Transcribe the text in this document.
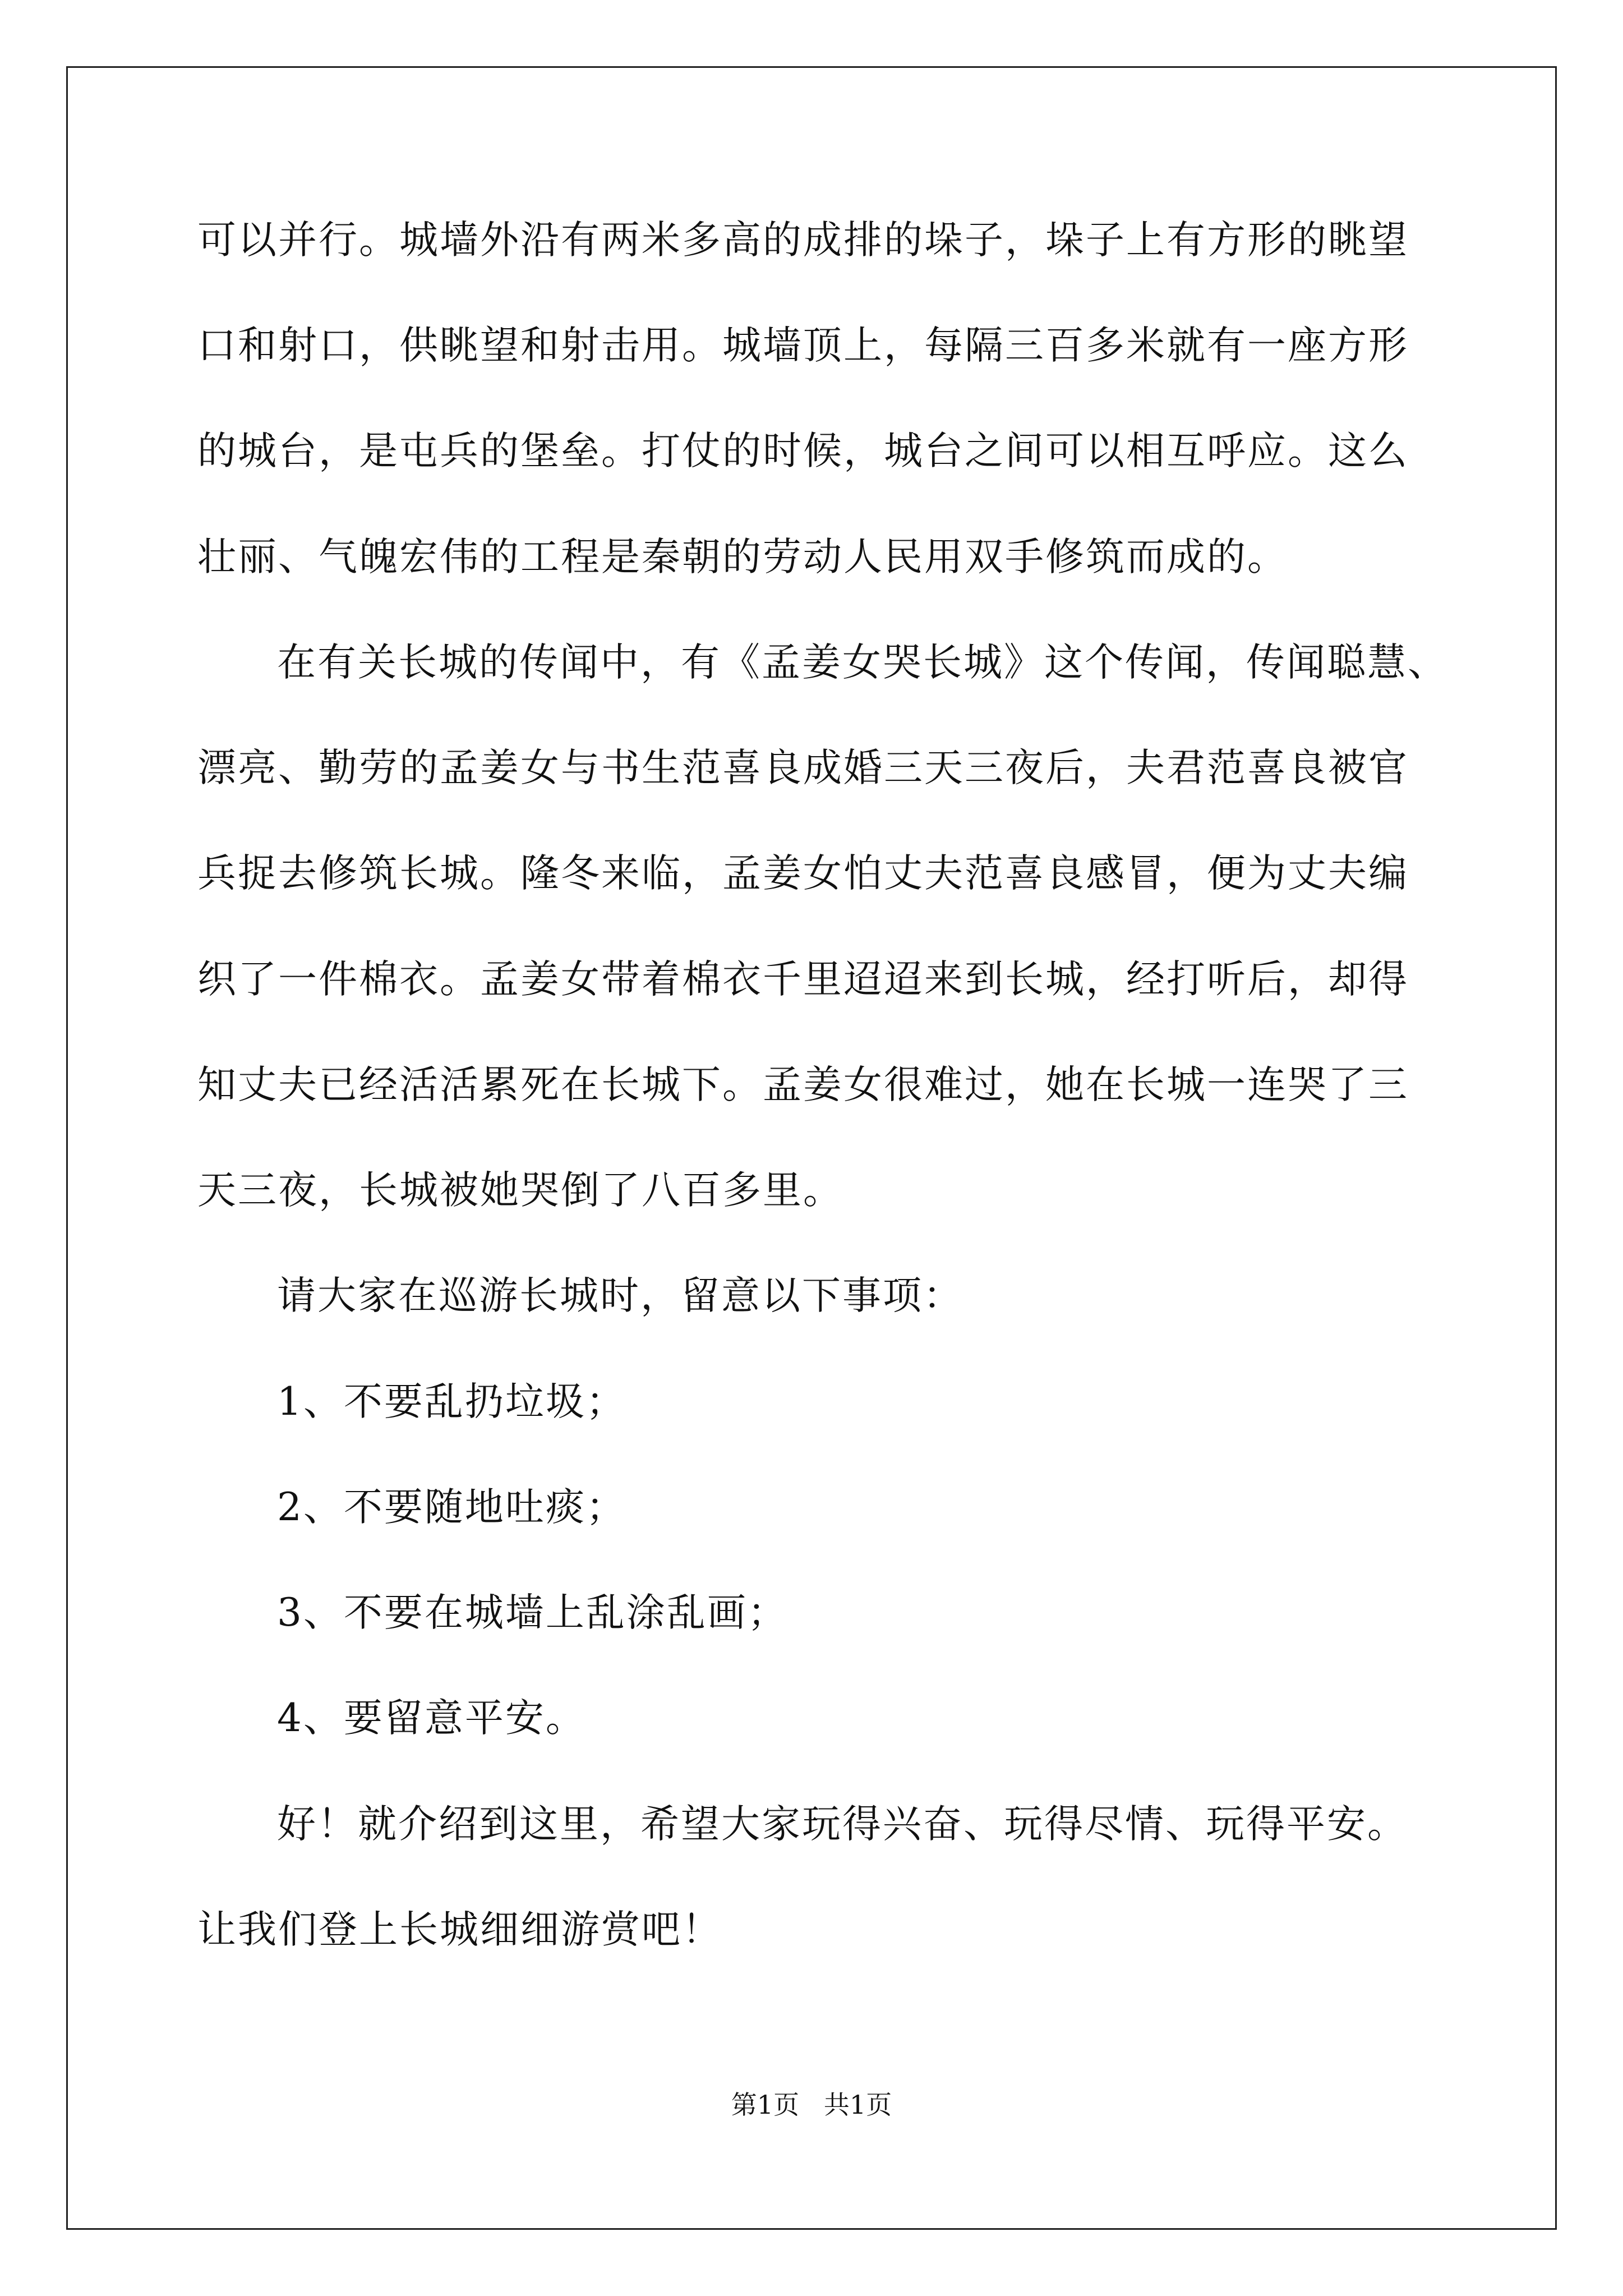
可以并行。城墙外沿有两米多高的成排的垛子，垛子上有方形的眺望
口和射口，供眺望和射击用。城墙顶上，每隔三百多米就有一座方形
的城台，是屯兵的堡垒。打仗的时候，城台之间可以相互呼应。这么
壮丽、气魄宏伟的工程是秦朝的劳动人民用双手修筑而成的。
在有关长城的传闻中，有《孟姜女哭长城》这个传闻，传闻聪慧、
漂亮、勤劳的孟姜女与书生范喜良成婚三天三夜后，夫君范喜良被官
兵捉去修筑长城。隆冬来临，孟姜女怕丈夫范喜良感冒，便为丈夫编
织了一件棉衣。孟姜女带着棉衣千里迢迢来到长城，经打听后，却得
知丈夫已经活活累死在长城下。孟姜女很难过，她在长城一连哭了三
天三夜，长城被她哭倒了八百多里。
请大家在巡游长城时，留意以下事项：
1、不要乱扔垃圾；
2、不要随地吐痰；
3、不要在城墙上乱涂乱画；
4、要留意平安。
好！就介绍到这里，希望大家玩得兴奋、玩得尽情、玩得平安。
让我们登上长城细细游赏吧！
第1页   共1页
